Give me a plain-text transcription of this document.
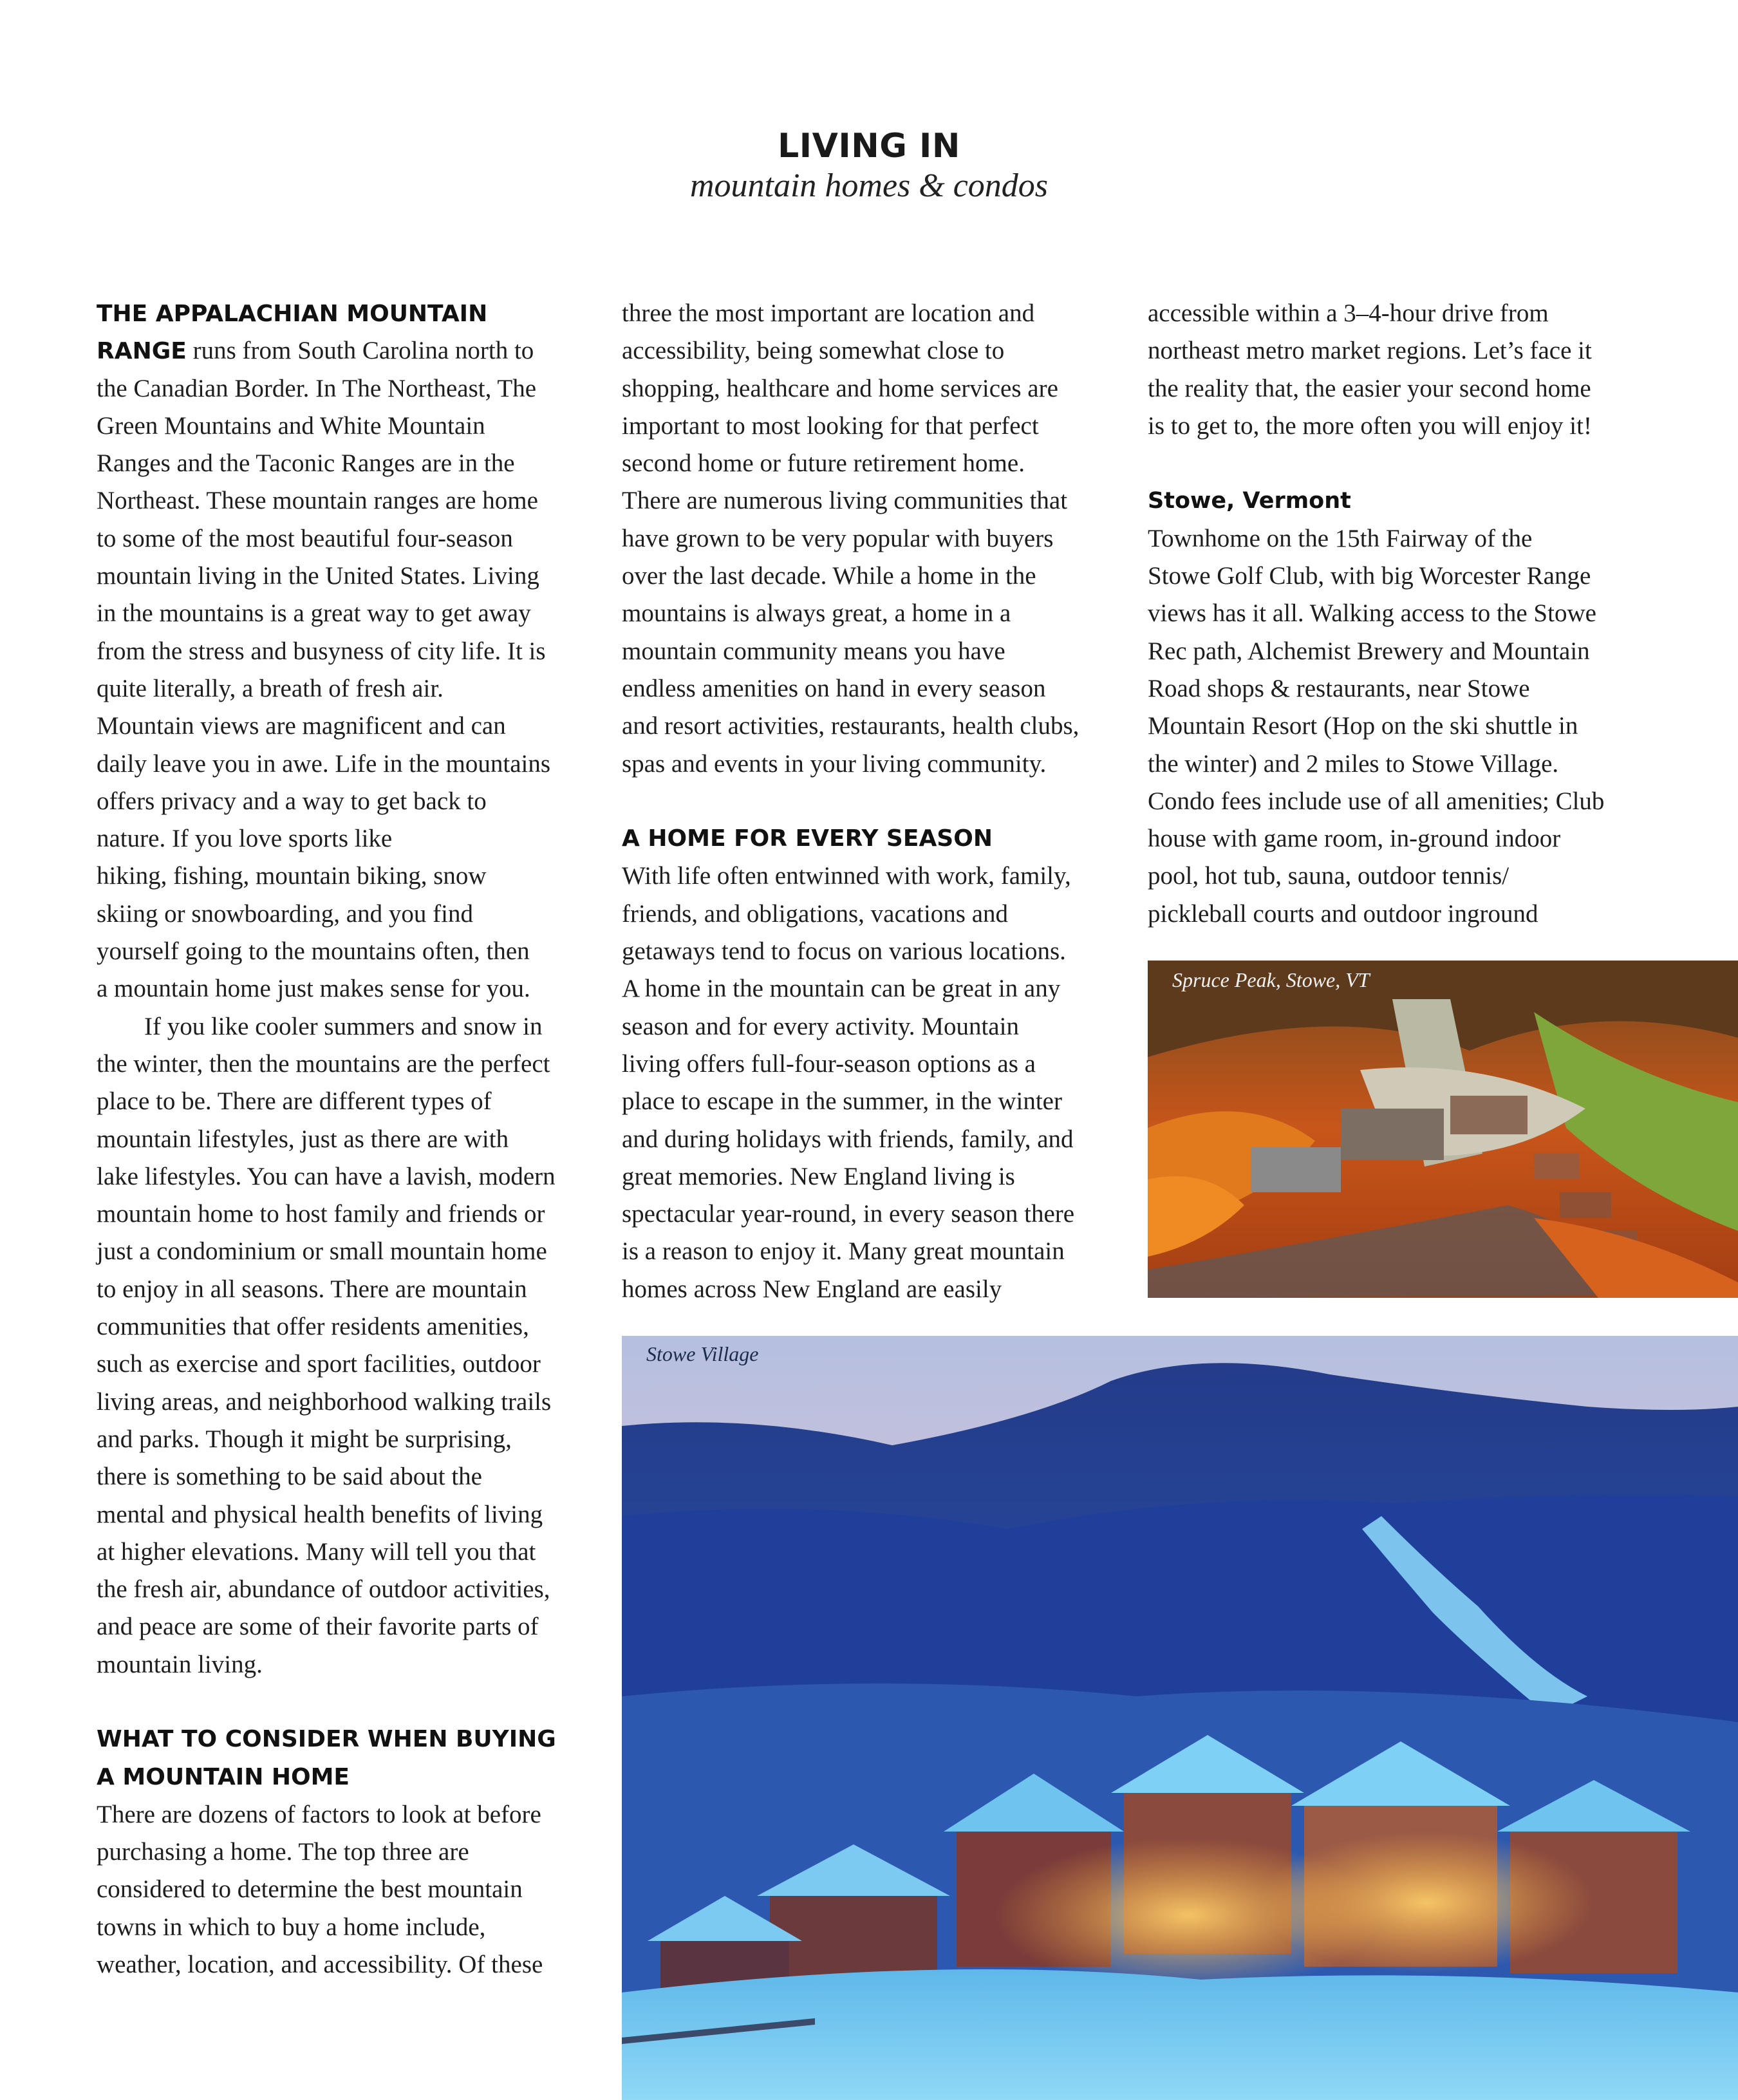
LIVING IN
mountain homes & condos
THE APPALACHIAN MOUNTAIN
RANGE runs from South Carolina north to
the Canadian Border. In The Northeast, The
Green Mountains and White Mountain
Ranges and the Taconic Ranges are in the
Northeast. These mountain ranges are home
to some of the most beautiful four-season
mountain living in the United States. Living
in the mountains is a great way to get away
from the stress and busyness of city life. It is
quite literally, a breath of fresh air.
Mountain views are magnificent and can
daily leave you in awe. Life in the mountains
offers privacy and a way to get back to
nature. If you love sports like
hiking, fishing, mountain biking, snow
skiing or snowboarding, and you find
yourself going to the mountains often, then
a mountain home just makes sense for you.
If you like cooler summers and snow in
the winter, then the mountains are the perfect
place to be. There are different types of
mountain lifestyles, just as there are with
lake lifestyles. You can have a lavish, modern
mountain home to host family and friends or
just a condominium or small mountain home
to enjoy in all seasons. There are mountain
communities that offer residents amenities,
such as exercise and sport facilities, outdoor
living areas, and neighborhood walking trails
and parks. Though it might be surprising,
there is something to be said about the
mental and physical health benefits of living
at higher elevations. Many will tell you that
the fresh air, abundance of outdoor activities,
and peace are some of their favorite parts of
mountain living.
WHAT TO CONSIDER WHEN BUYING
A MOUNTAIN HOME
There are dozens of factors to look at before
purchasing a home. The top three are
considered to determine the best mountain
towns in which to buy a home include,
weather, location, and accessibility. Of these
three the most important are location and
accessibility, being somewhat close to
shopping, healthcare and home services are
important to most looking for that perfect
second home or future retirement home.
There are numerous living communities that
have grown to be very popular with buyers
over the last decade. While a home in the
mountains is always great, a home in a
mountain community means you have
endless amenities on hand in every season
and resort activities, restaurants, health clubs,
spas and events in your living community.
A HOME FOR EVERY SEASON
With life often entwinned with work, family,
friends, and obligations, vacations and
getaways tend to focus on various locations.
A home in the mountain can be great in any
season and for every activity. Mountain
living offers full-four-season options as a
place to escape in the summer, in the winter
and during holidays with friends, family, and
great memories. New England living is
spectacular year-round, in every season there
is a reason to enjoy it. Many great mountain
homes across New England are easily
accessible within a 3–4-hour drive from
northeast metro market regions. Let’s face it
the reality that, the easier your second home
is to get to, the more often you will enjoy it!
Stowe, Vermont
Townhome on the 15th Fairway of the
Stowe Golf Club, with big Worcester Range
views has it all. Walking access to the Stowe
Rec path, Alchemist Brewery and Mountain
Road shops & restaurants, near Stowe
Mountain Resort (Hop on the ski shuttle in
the winter) and 2 miles to Stowe Village.
Condo fees include use of all amenities; Club
house with game room, in-ground indoor
pool, hot tub, sauna, outdoor tennis/
pickleball courts and outdoor inground
Spruce Peak, Stowe, VT
Stowe Village
